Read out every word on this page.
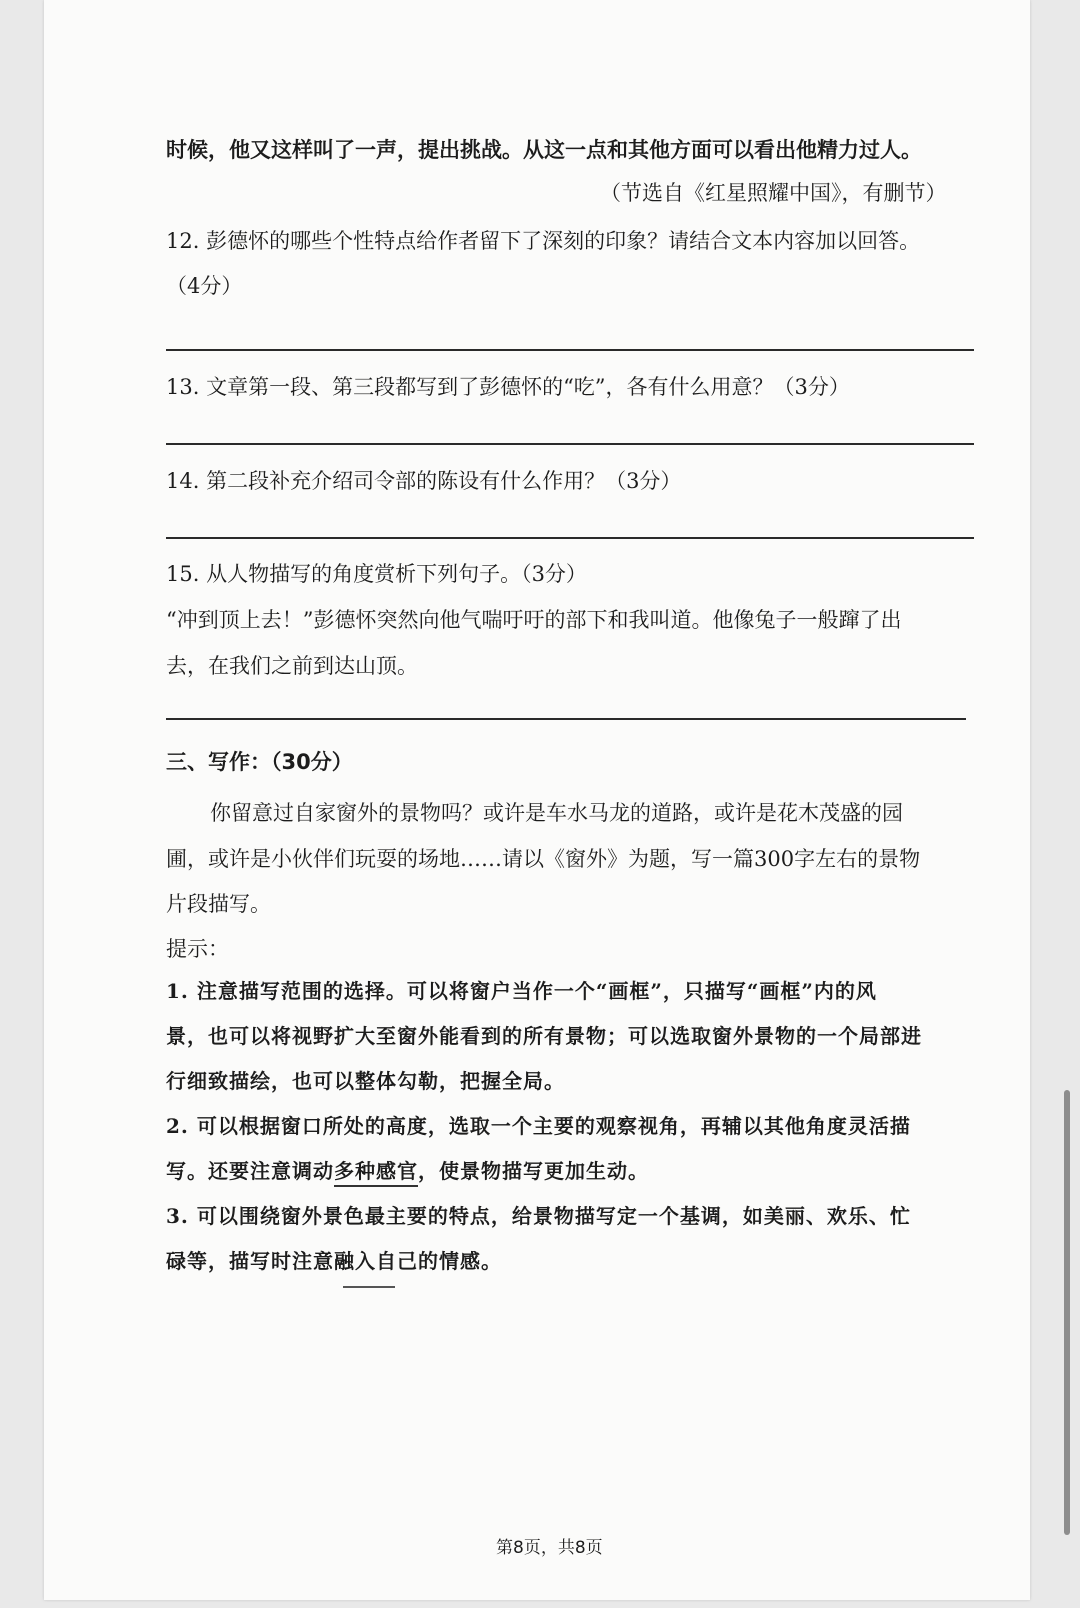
时候，他又这样叫了一声，提出挑战。从这一点和其他方面可以看出他精力过人。
（节选自《红星照耀中国》，有删节）
12. 彭德怀的哪些个性特点给作者留下了深刻的印象？请结合文本内容加以回答。
（4分）
13. 文章第一段、第三段都写到了彭德怀的“吃”，各有什么用意？（3分）
14. 第二段补充介绍司令部的陈设有什么作用？（3分）
15. 从人物描写的角度赏析下列句子。（3分）
“冲到顶上去！”彭德怀突然向他气喘吁吁的部下和我叫道。他像兔子一般蹿了出
去，在我们之前到达山顶。
三、写作：（30分）
你留意过自家窗外的景物吗？或许是车水马龙的道路，或许是花木茂盛的园
圃，或许是小伙伴们玩耍的场地……请以《窗外》为题，写一篇300字左右的景物
片段描写。
提示：
1. 注意描写范围的选择。可以将窗户当作一个“画框”，只描写“画框”内的风
景，也可以将视野扩大至窗外能看到的所有景物；可以选取窗外景物的一个局部进
行细致描绘，也可以整体勾勒，把握全局。
2. 可以根据窗口所处的高度，选取一个主要的观察视角，再辅以其他角度灵活描
写。还要注意调动多种感官，使景物描写更加生动。
3. 可以围绕窗外景色最主要的特点，给景物描写定一个基调，如美丽、欢乐、忙
碌等，描写时注意融入自己的情感。
第8页，共8页
